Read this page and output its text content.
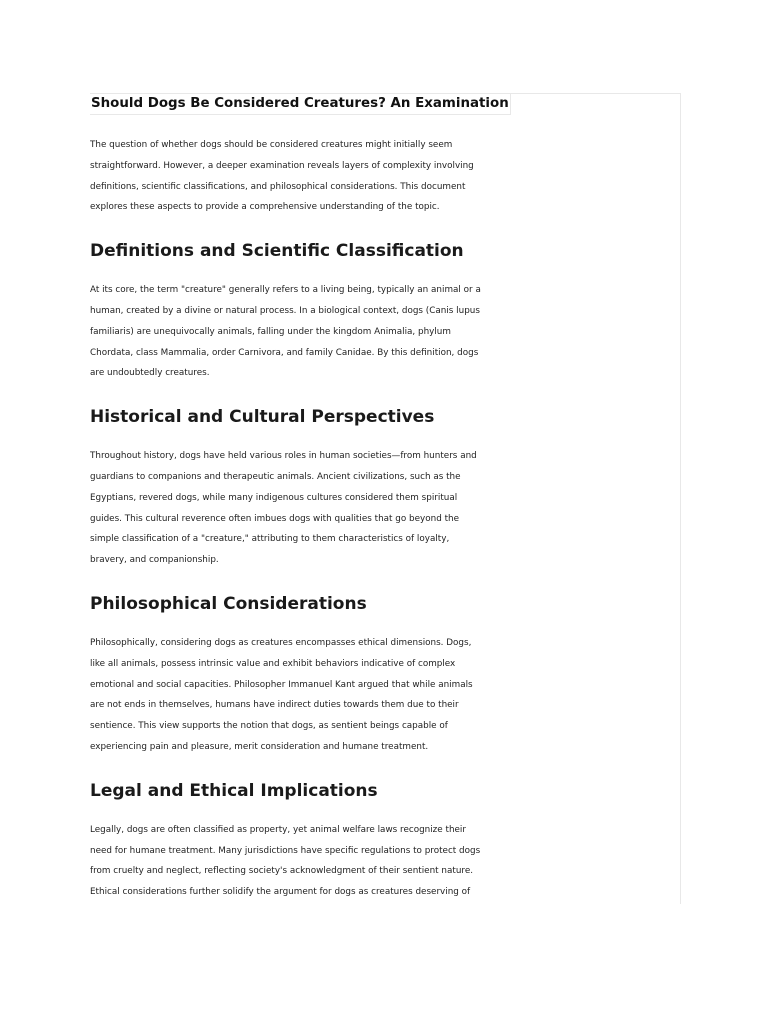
Should Dogs Be Considered Creatures? An Examination

The question of whether dogs should be considered creatures might initially seem
straightforward. However, a deeper examination reveals layers of complexity involving
definitions, scientific classifications, and philosophical considerations. This document
explores these aspects to provide a comprehensive understanding of the topic.

Definitions and Scientific Classification

At its core, the term "creature" generally refers to a living being, typically an animal or a
human, created by a divine or natural process. In a biological context, dogs (Canis lupus
familiaris) are unequivocally animals, falling under the kingdom Animalia, phylum
Chordata, class Mammalia, order Carnivora, and family Canidae. By this definition, dogs
are undoubtedly creatures.

Historical and Cultural Perspectives

Throughout history, dogs have held various roles in human societies—from hunters and
guardians to companions and therapeutic animals. Ancient civilizations, such as the
Egyptians, revered dogs, while many indigenous cultures considered them spiritual
guides. This cultural reverence often imbues dogs with qualities that go beyond the
simple classification of a "creature," attributing to them characteristics of loyalty,
bravery, and companionship.

Philosophical Considerations

Philosophically, considering dogs as creatures encompasses ethical dimensions. Dogs,
like all animals, possess intrinsic value and exhibit behaviors indicative of complex
emotional and social capacities. Philosopher Immanuel Kant argued that while animals
are not ends in themselves, humans have indirect duties towards them due to their
sentience. This view supports the notion that dogs, as sentient beings capable of
experiencing pain and pleasure, merit consideration and humane treatment.

Legal and Ethical Implications

Legally, dogs are often classified as property, yet animal welfare laws recognize their
need for humane treatment. Many jurisdictions have specific regulations to protect dogs
from cruelty and neglect, reflecting society's acknowledgment of their sentient nature.
Ethical considerations further solidify the argument for dogs as creatures deserving of
